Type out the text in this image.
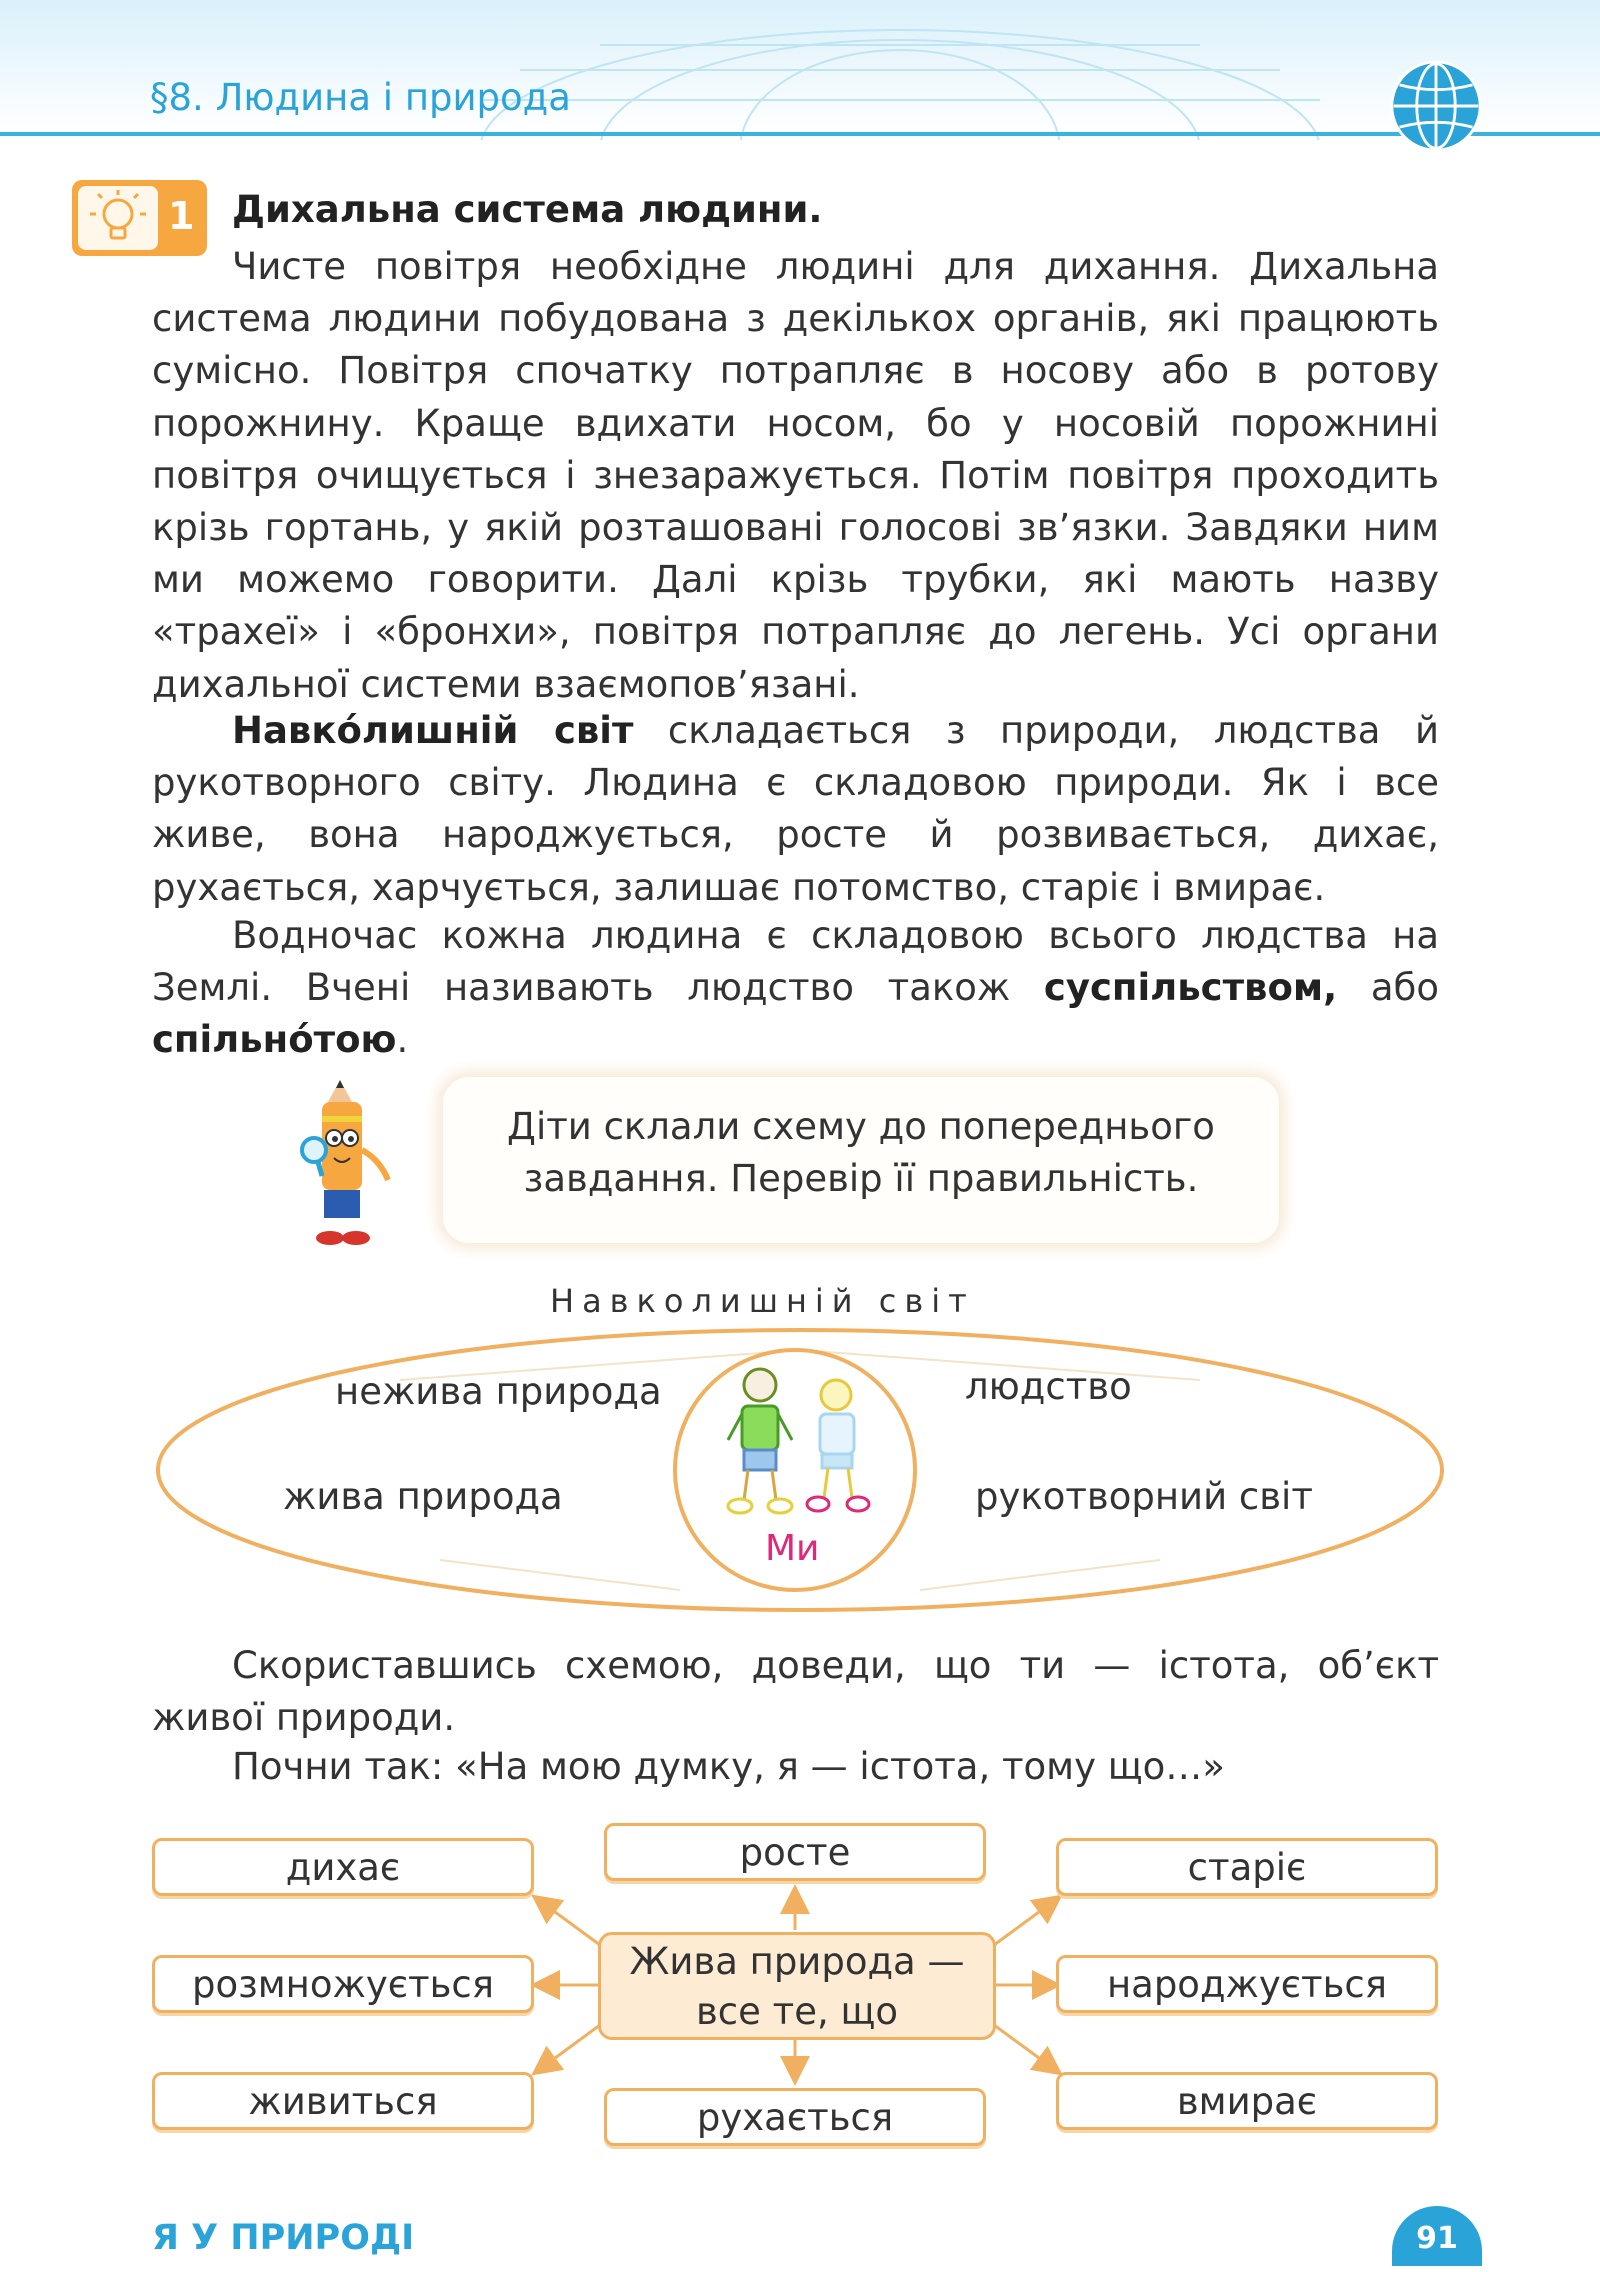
§8. Людина і природа
1 Дихальна система людини.

Чисте повітря необхідне людині для дихання. Дихальна система людини побудована з декількох органів, які працюють сумісно. Повітря спочатку потрапляє в носову або в ротову порожнину. Краще вдихати носом, бо у носовій порожнині повітря очищується і знезаражується. Потім повітря проходить крізь гортань, у якій розташовані голосові зв’язки. Завдяки ним ми можемо говорити. Далі крізь трубки, які мають назву «трахеї» і «бронхи», повітря потрапляє до легень. Усі органи дихальної системи взаємопов’язані.

Навко́лишній світ складається з природи, людства й рукотворного світу. Людина є складовою природи. Як і все живе, вона народжується, росте й розвивається, дихає, рухається, харчується, залишає потомство, старіє і вмирає.

Водночас кожна людина є складовою всього людства на Землі. Вчені називають людство також суспільством, або спільно́тою.

Діти склали схему до попереднього
завдання. Перевір її правильність.
Навколишній світ
нежива природа	людство
жива природа	рукотворний світ
Ми

Скориставшись схемою, доведи, що ти — істота, об’єкт живої природи.

Почни так: «На мою думку, я — істота, тому що…»
дихає	росте	старіє
розмножується	народжується
живиться	рухається	вмирає
Жива природа —
все те, що
Я У ПРИРОДІ	91
